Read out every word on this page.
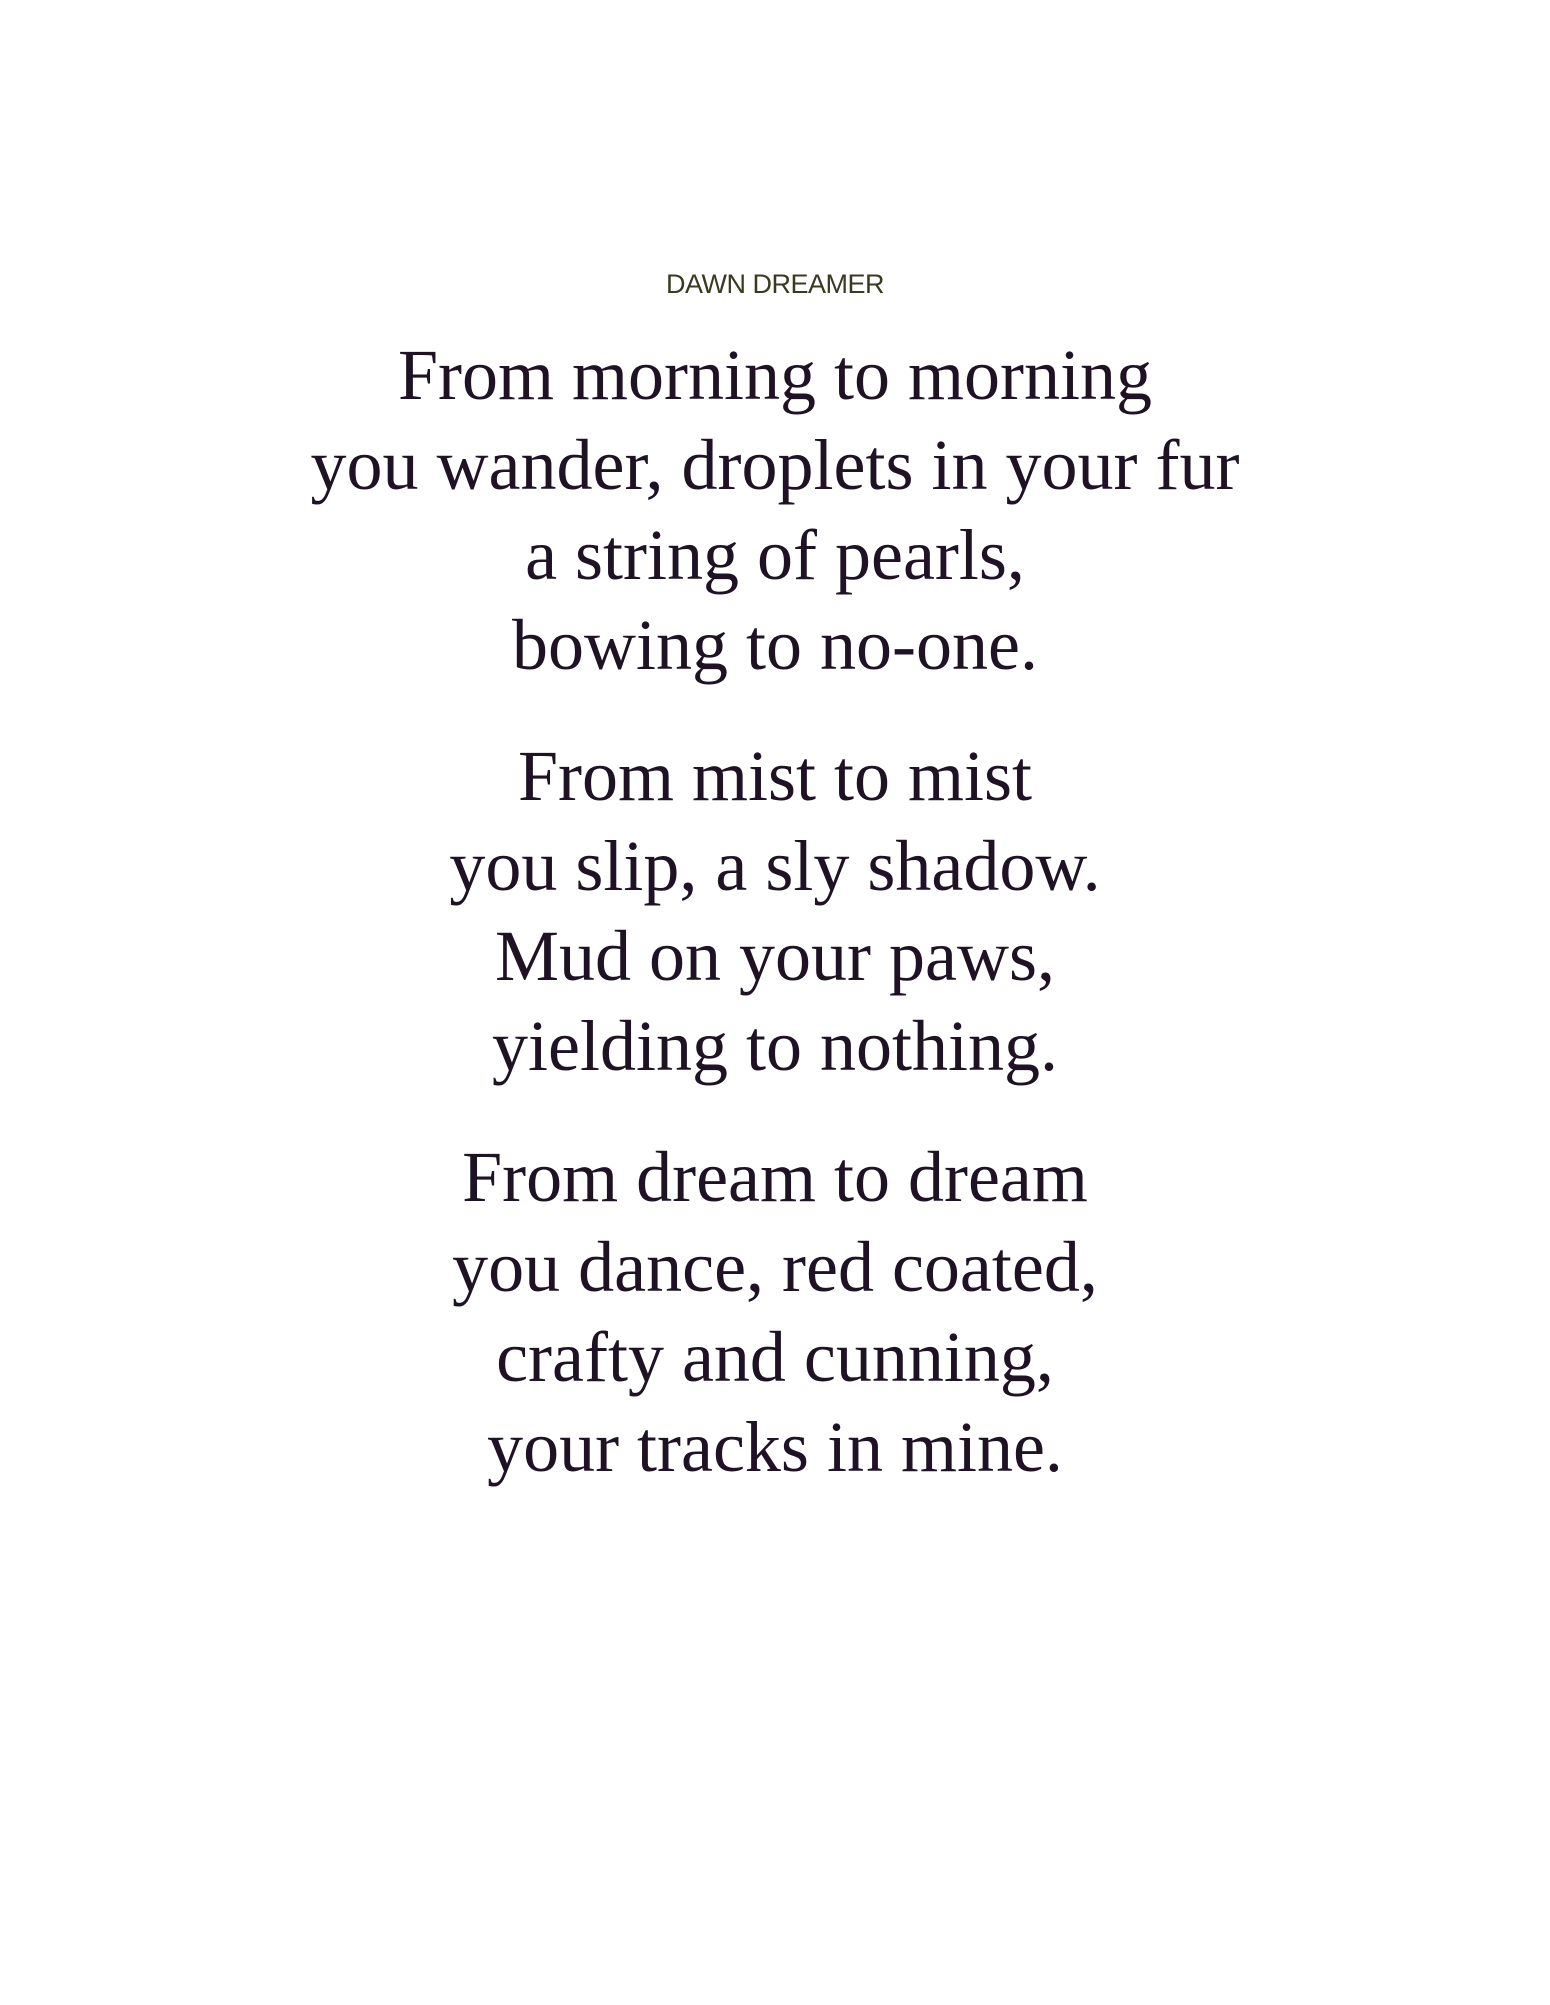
DAWN DREAMER
From morning to morning
you wander, droplets in your fur
a string of pearls,
bowing to no-one.
From mist to mist
you slip, a sly shadow.
Mud on your paws,
yielding to nothing.
From dream to dream
you dance, red coated,
crafty and cunning,
your tracks in mine.
